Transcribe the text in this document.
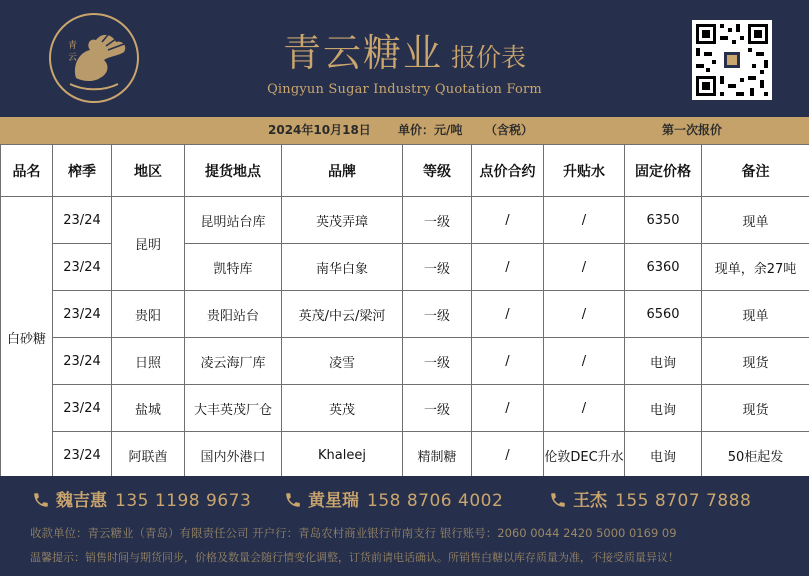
青
云	青云糖业 报价表
Qingyun Sugar Industry Quotation Form
2024年10月18日 单价：元/吨 （含税）	第一次报价
品名	榨季	地区	提货地点	品牌	等级	点价合约	升贴水	固定价格	备注
白砂糖	23/24	昆明	昆明站台库	英茂弄璋	一级	/	/	6350	现单
	23/24		凯特库	南华白象	一级	/	/	6360	现单，余27吨
	23/24	贵阳	贵阳站台	英茂/中云/梁河	一级	/	/	6560	现单
	23/24	日照	凌云海厂库	凌雪	一级	/	/	电询	现货
	23/24	盐城	大丰英茂厂仓	英茂	一级	/	/	电询	现货
	23/24	阿联酋	国内外港口	Khaleej	精制糖	/	伦敦DEC升水	电询	50柜起发
魏吉惠 135 1198 9673	黄星瑞 158 8706 4002	王杰 155 8707 7888
收款单位：青云糖业（青岛）有限责任公司 开户行：青岛农村商业银行市南支行 银行账号：2060 0044 2420 5000 0169 09
温馨提示：销售时间与期货同步，价格及数量会随行情变化调整，订货前请电话确认。所销售白糖以库存质量为准，不接受质量异议！
